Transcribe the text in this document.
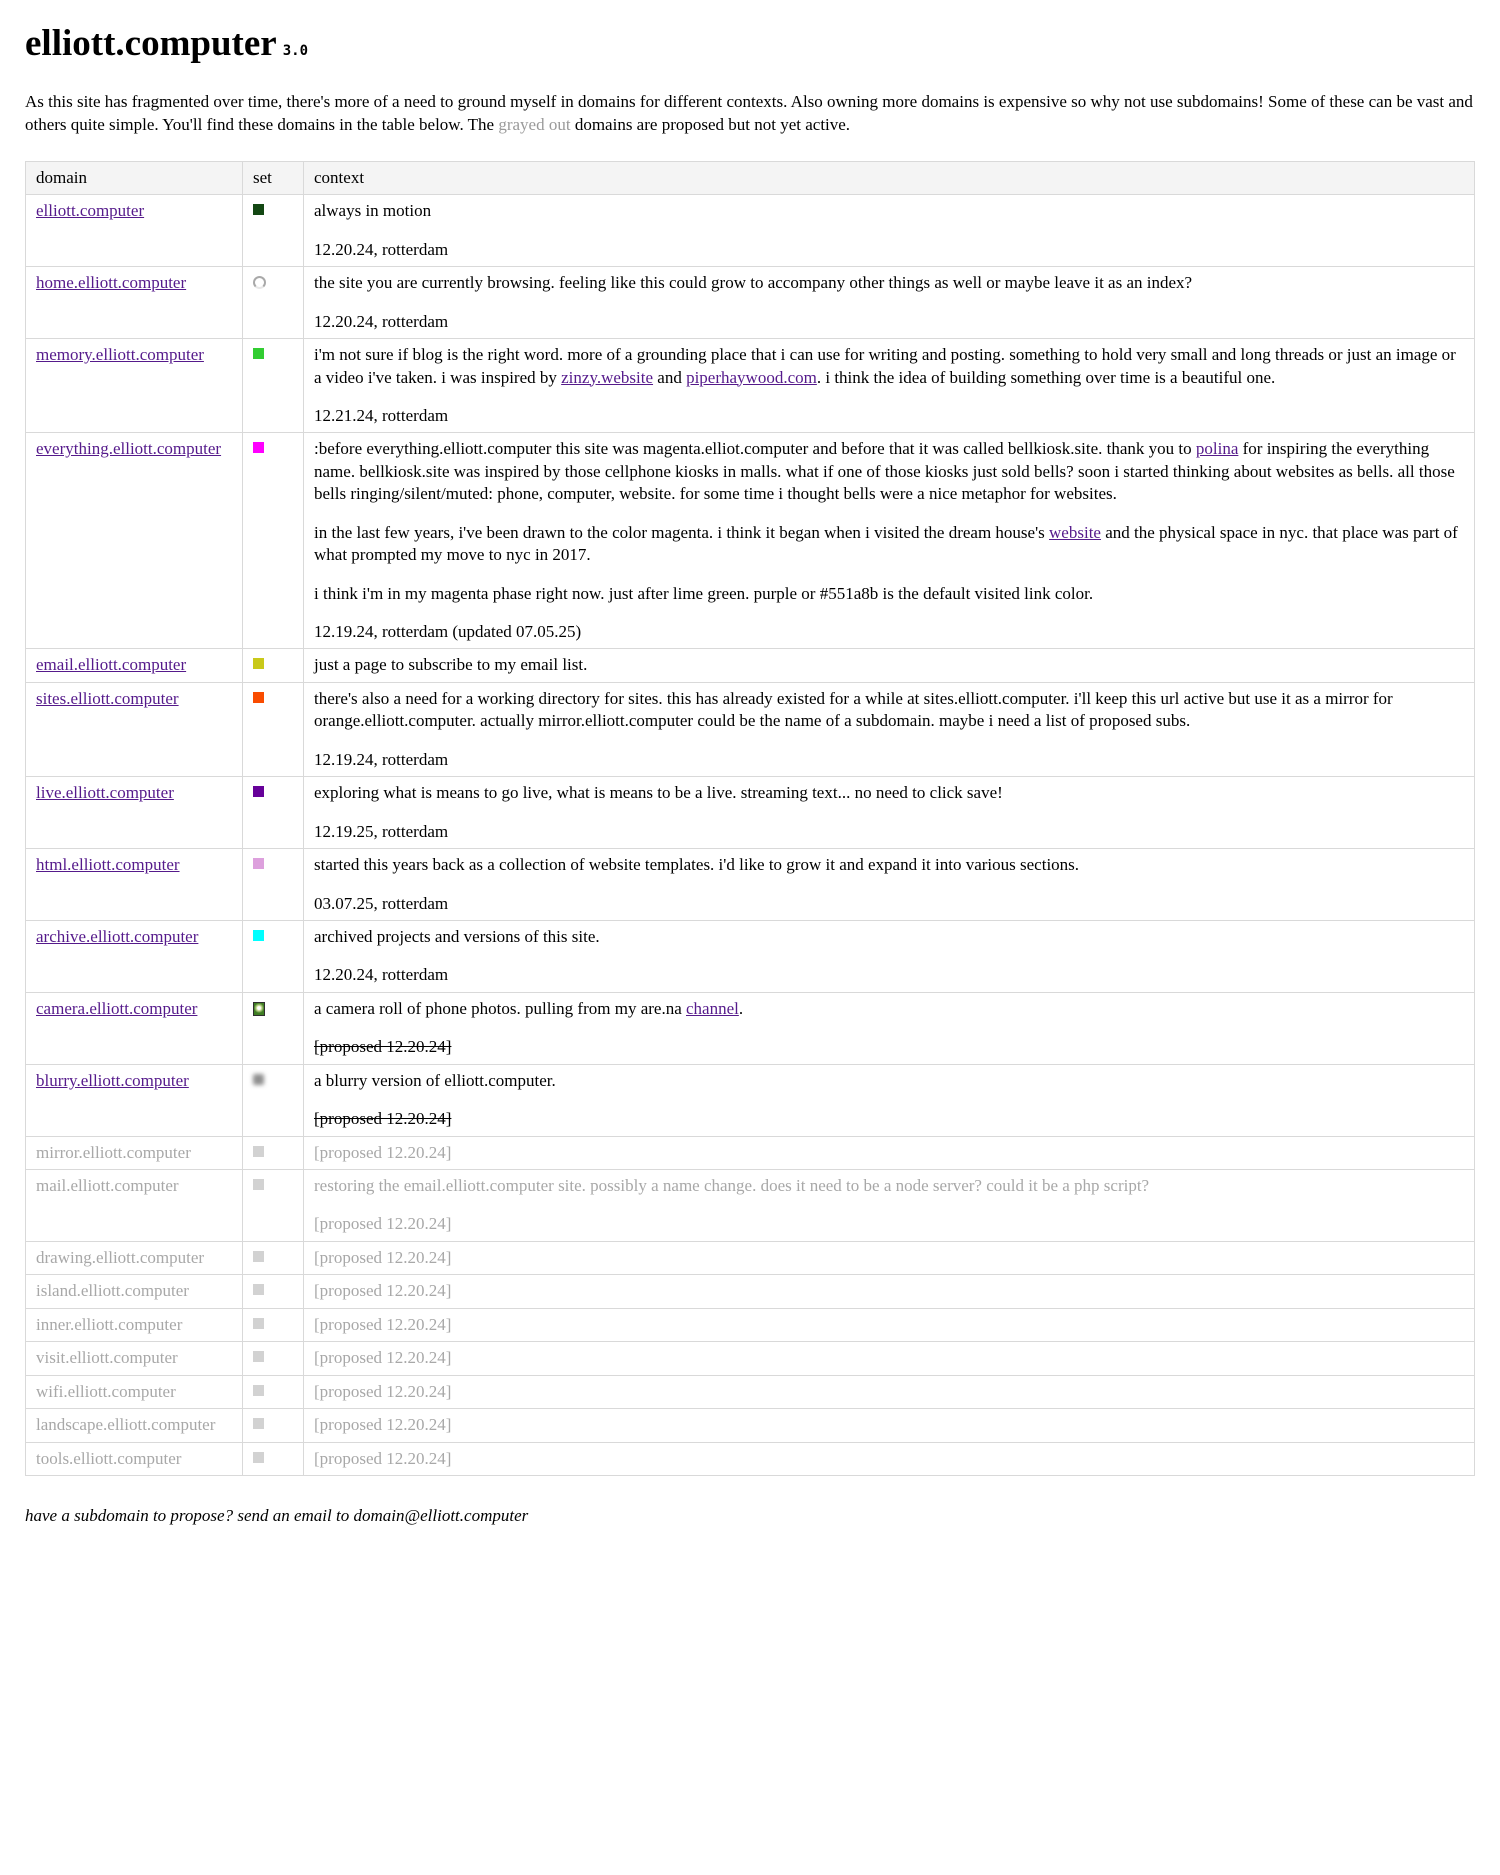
elliott.computer 3.0

As this site has fragmented over time, there's more of a need to ground myself in domains for different contexts. Also owning more domains is expensive so why not use subdomains! Some of these can be vast and others quite simple. You'll find these domains in the table below. The grayed out domains are proposed but not yet active.

domain	set	context
elliott.computer		always in motion

12.20.24, rotterdam

home.elliott.computer		the site you are currently browsing. feeling like this could grow to accompany other things as well or maybe leave it as an index?

12.20.24, rotterdam

memory.elliott.computer		i'm not sure if blog is the right word. more of a grounding place that i can use for writing and posting. something to hold very small and long threads or just an image or a video i've taken. i was inspired by zinzy.website and piperhaywood.com. i think the idea of building something over time is a beautiful one.

12.21.24, rotterdam

everything.elliott.computer		:before everything.elliott.computer this site was magenta.elliot.computer and before that it was called bellkiosk.site. thank you to polina for inspiring the everything name. bellkiosk.site was inspired by those cellphone kiosks in malls. what if one of those kiosks just sold bells? soon i started thinking about websites as bells. all those bells ringing/silent/muted: phone, computer, website. for some time i thought bells were a nice metaphor for websites.

in the last few years, i've been drawn to the color magenta. i think it began when i visited the dream house's website and the physical space in nyc. that place was part of what prompted my move to nyc in 2017.

i think i'm in my magenta phase right now. just after lime green. purple or #551a8b is the default visited link color.

12.19.24, rotterdam (updated 07.05.25)

email.elliott.computer		just a page to subscribe to my email list.

sites.elliott.computer		there's also a need for a working directory for sites. this has already existed for a while at sites.elliott.computer. i'll keep this url active but use it as a mirror for orange.elliott.computer. actually mirror.elliott.computer could be the name of a subdomain. maybe i need a list of proposed subs.

12.19.24, rotterdam

live.elliott.computer		exploring what is means to go live, what is means to be a live. streaming text... no need to click save!

12.19.25, rotterdam

html.elliott.computer		started this years back as a collection of website templates. i'd like to grow it and expand it into various sections.

03.07.25, rotterdam

archive.elliott.computer		archived projects and versions of this site.

12.20.24, rotterdam

camera.elliott.computer		a camera roll of phone photos. pulling from my are.na channel.

[proposed 12.20.24]

blurry.elliott.computer		a blurry version of elliott.computer.

[proposed 12.20.24]

mirror.elliott.computer		[proposed 12.20.24]

mail.elliott.computer		restoring the email.elliott.computer site. possibly a name change. does it need to be a node server? could it be a php script?

[proposed 12.20.24]

drawing.elliott.computer		[proposed 12.20.24]

island.elliott.computer		[proposed 12.20.24]

inner.elliott.computer		[proposed 12.20.24]

visit.elliott.computer		[proposed 12.20.24]

wifi.elliott.computer		[proposed 12.20.24]

landscape.elliott.computer		[proposed 12.20.24]

tools.elliott.computer		[proposed 12.20.24]

have a subdomain to propose? send an email to domain@elliott.computer
